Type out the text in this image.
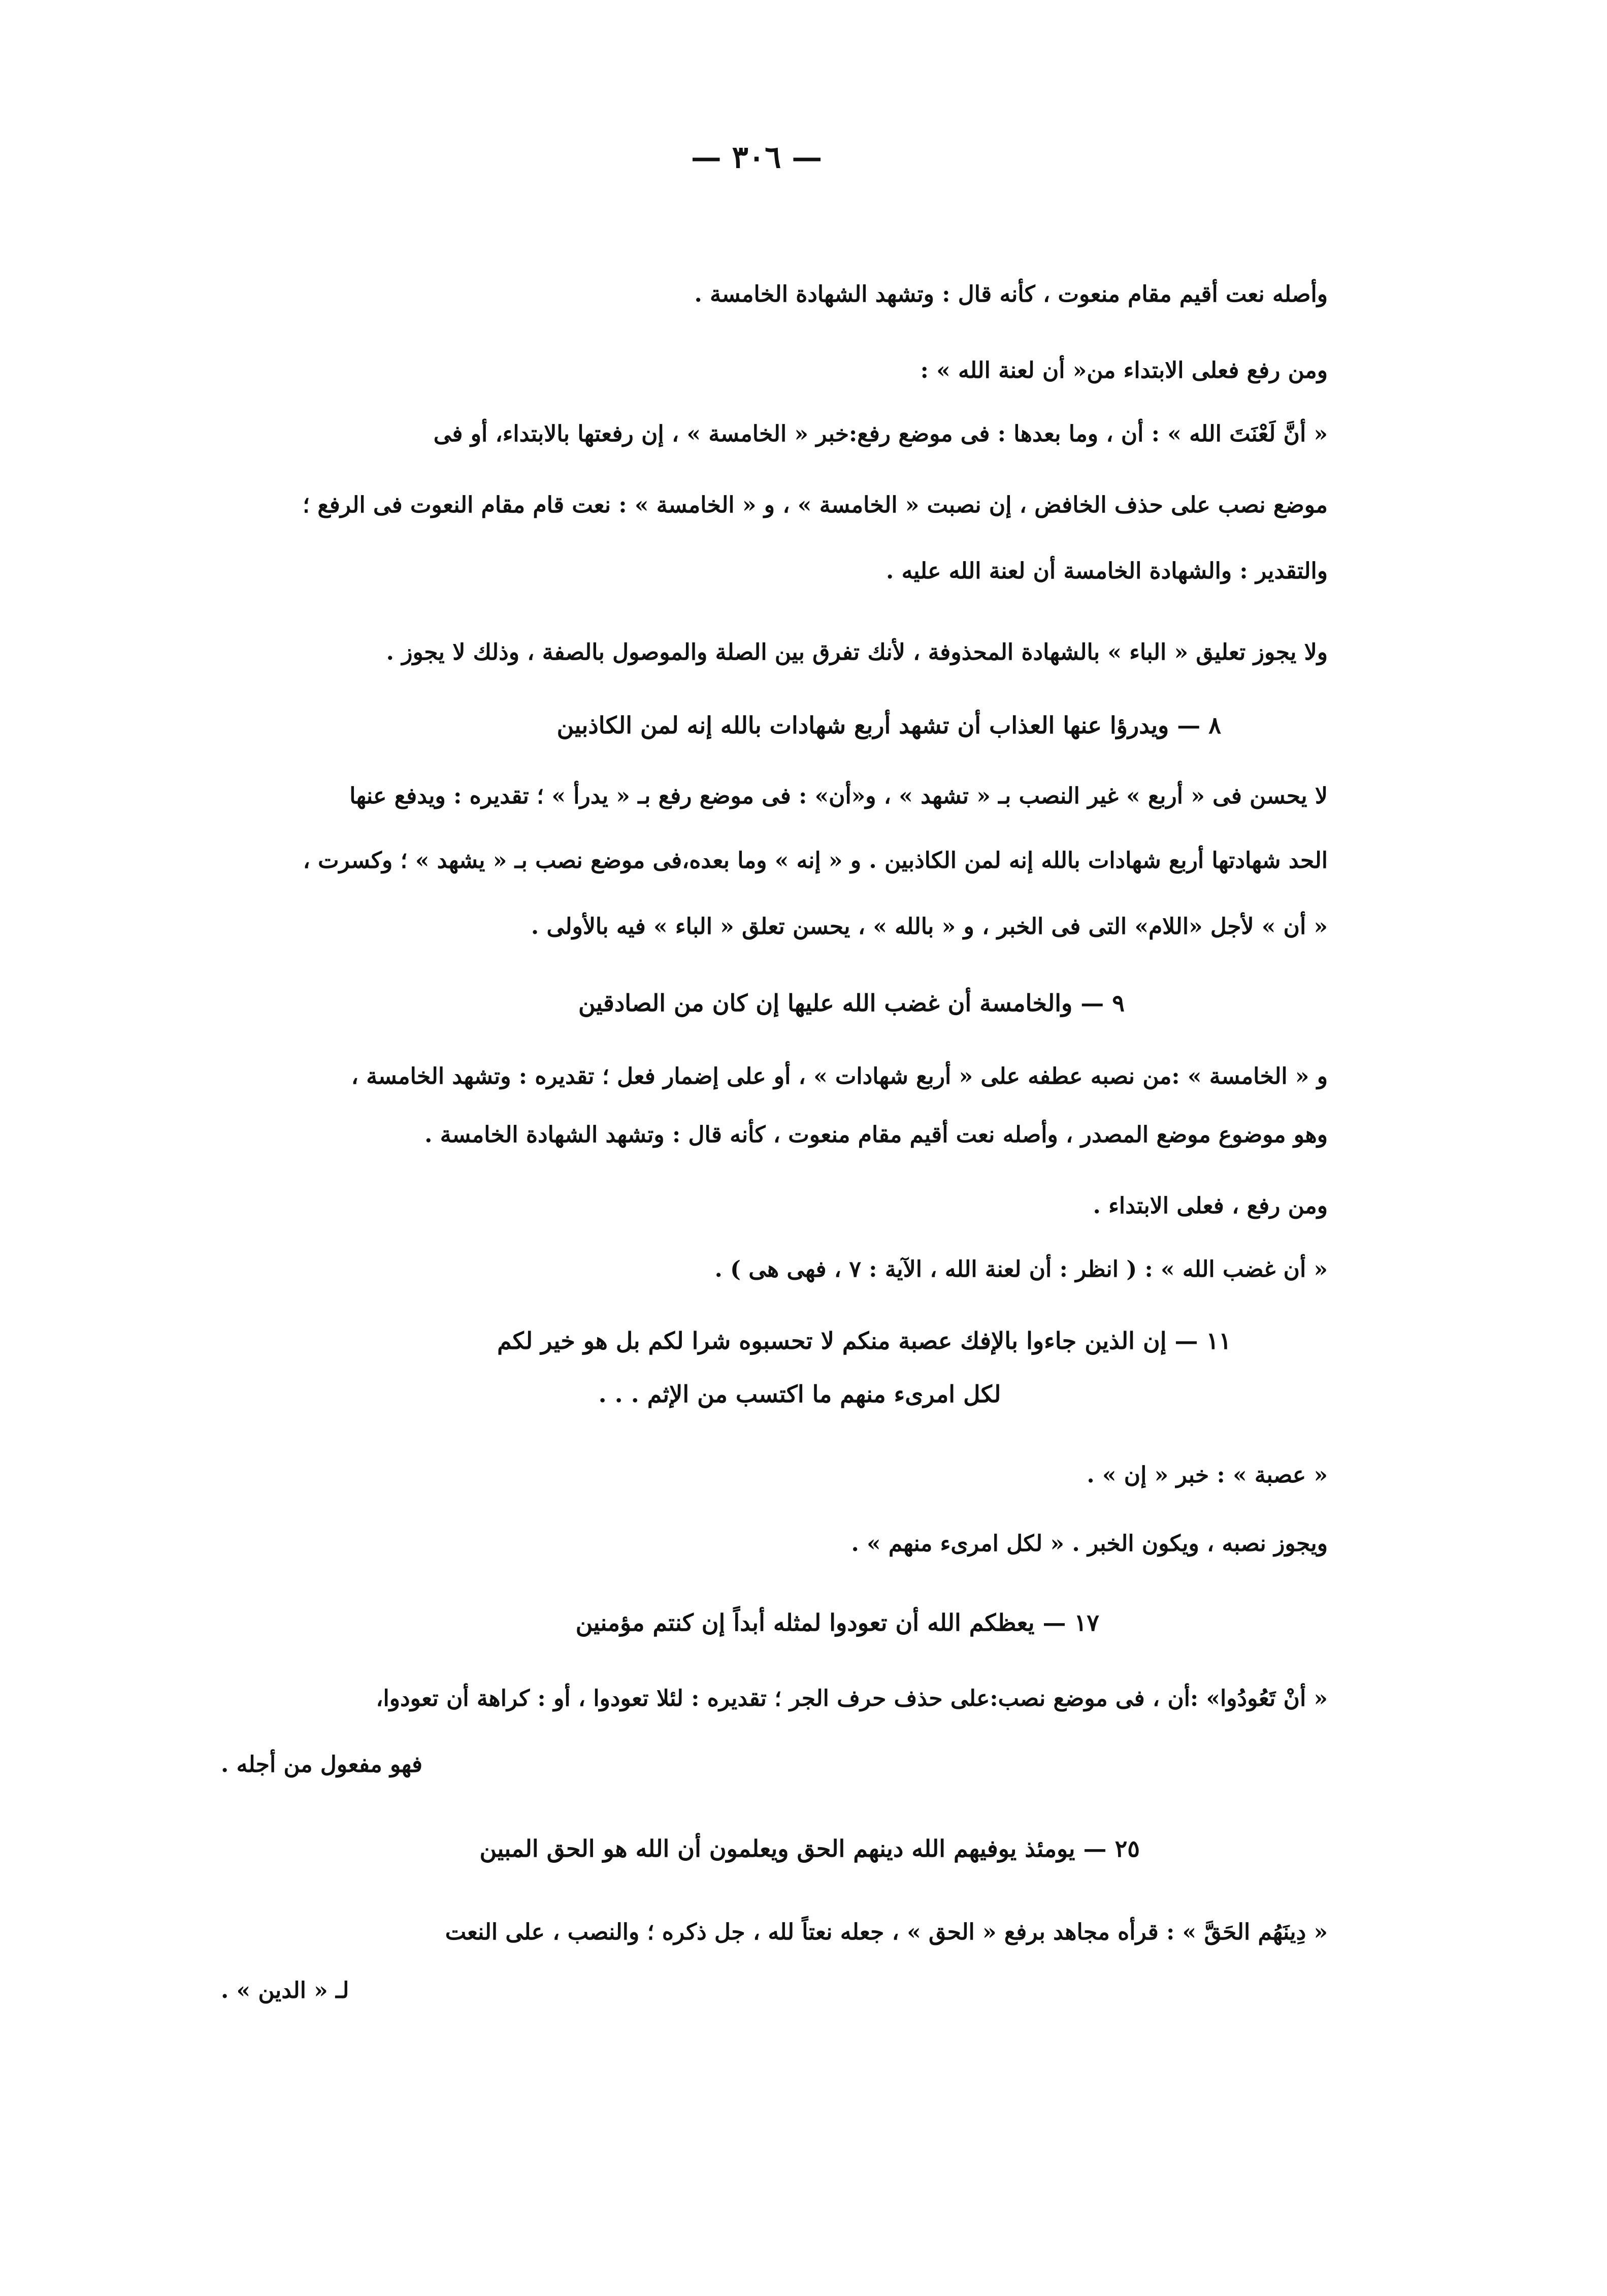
— ٣٠٦ —
وأصله نعت أقيم مقام منعوت ، كأنه قال : وتشهد الشهادة الخامسة .
ومن رفع فعلى الابتداء من« أن لعنة الله » :
« أنَّ لَعْنَتَ الله » : أن ، وما بعدها : فى موضع رفع:خبر « الخامسة » ، إن رفعتها بالابتداء، أو فى
موضع نصب على حذف الخافض ، إن نصبت « الخامسة » ، و « الخامسة » : نعت قام مقام النعوت فى الرفع ؛
والتقدير : والشهادة الخامسة أن لعنة الله عليه .
ولا يجوز تعليق « الباء » بالشهادة المحذوفة ، لأنك تفرق بين الصلة والموصول بالصفة ، وذلك لا يجوز .
٨ — ويدرؤا عنها العذاب أن تشهد أربع شهادات بالله إنه لمن الكاذبين
لا يحسن فى « أربع » غير النصب بـ « تشهد » ، و«أن» : فى موضع رفع بـ « يدرأ » ؛ تقديره : ويدفع عنها
الحد شهادتها أربع شهادات بالله إنه لمن الكاذبين . و « إنه » وما بعده،فى موضع نصب بـ « يشهد » ؛ وكسرت ،
« أن » لأجل «اللام» التى فى الخبر ، و « بالله » ، يحسن تعلق « الباء » فيه بالأولى .
٩ — والخامسة أن غضب الله عليها إن كان من الصادقين
و « الخامسة » :من نصبه عطفه على « أربع شهادات » ، أو على إضمار فعل ؛ تقديره : وتشهد الخامسة ،
وهو موضوع موضع المصدر ، وأصله نعت أقيم مقام منعوت ، كأنه قال : وتشهد الشهادة الخامسة .
ومن رفع ، فعلى الابتداء .
« أن غضب الله » : ( انظر : أن لعنة الله ، الآية : ٧ ، فهى هى ) .
١١ — إن الذين جاءوا بالإفك عصبة منكم لا تحسبوه شرا لكم بل هو خير لكم
لكل امرىء منهم ما اكتسب من الإثم . . .
« عصبة » : خبر « إن » .
ويجوز نصبه ، ويكون الخبر . « لكل امرىء منهم » .
١٧ — يعظكم الله أن تعودوا لمثله أبداً إن كنتم مؤمنين
« أنْ تَعُودُوا» :أن ، فى موضع نصب:على حذف حرف الجر ؛ تقديره : لئلا تعودوا ، أو : كراهة أن تعودوا،
فهو مفعول من أجله .
٢٥ — يومئذ يوفيهم الله دينهم الحق ويعلمون أن الله هو الحق المبين
« دِينَهُم الحَقَّ » : قرأه مجاهد برفع « الحق » ، جعله نعتاً لله ، جل ذكره ؛ والنصب ، على النعت
لـ « الدين » .
